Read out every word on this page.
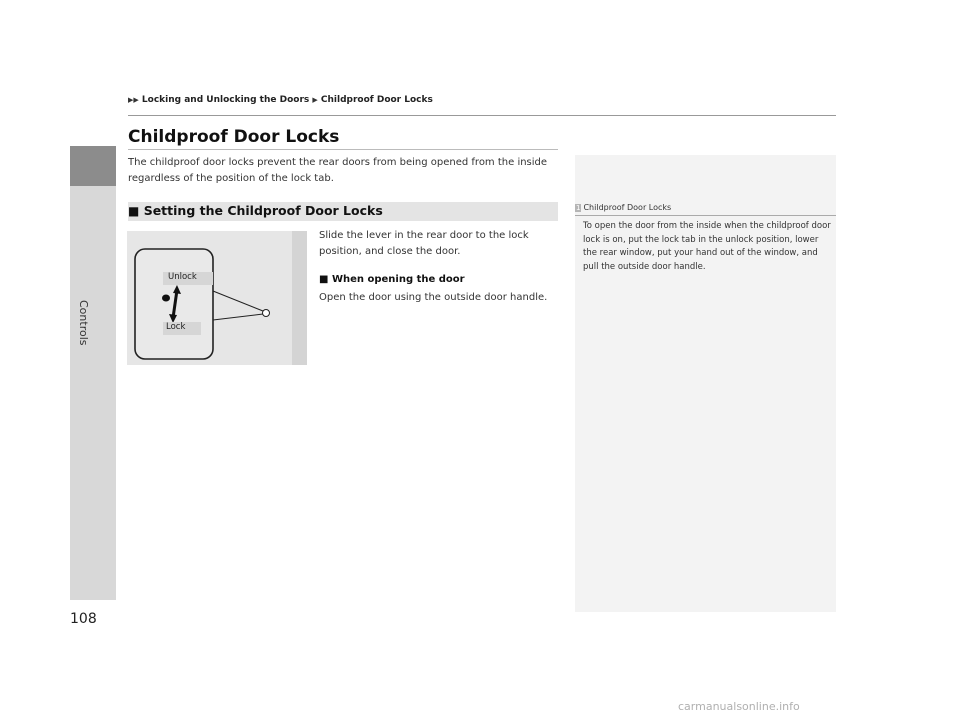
Controls
▶▶ Locking and Unlocking the Doors ▶ Childproof Door Locks
Childproof Door Locks
The childproof door locks prevent the rear doors from being opened from the inside regardless of the position of the lock tab.
■ Setting the Childproof Door Locks
Unlock
Lock
Slide the lever in the rear door to the lock position, and close the door.
■ When opening the door
Open the door using the outside door handle.
1 Childproof Door Locks
To open the door from the inside when the childproof door lock is on, put the lock tab in the unlock position, lower the rear window, put your hand out of the window, and pull the outside door handle.
108
carmanualsonline.info
